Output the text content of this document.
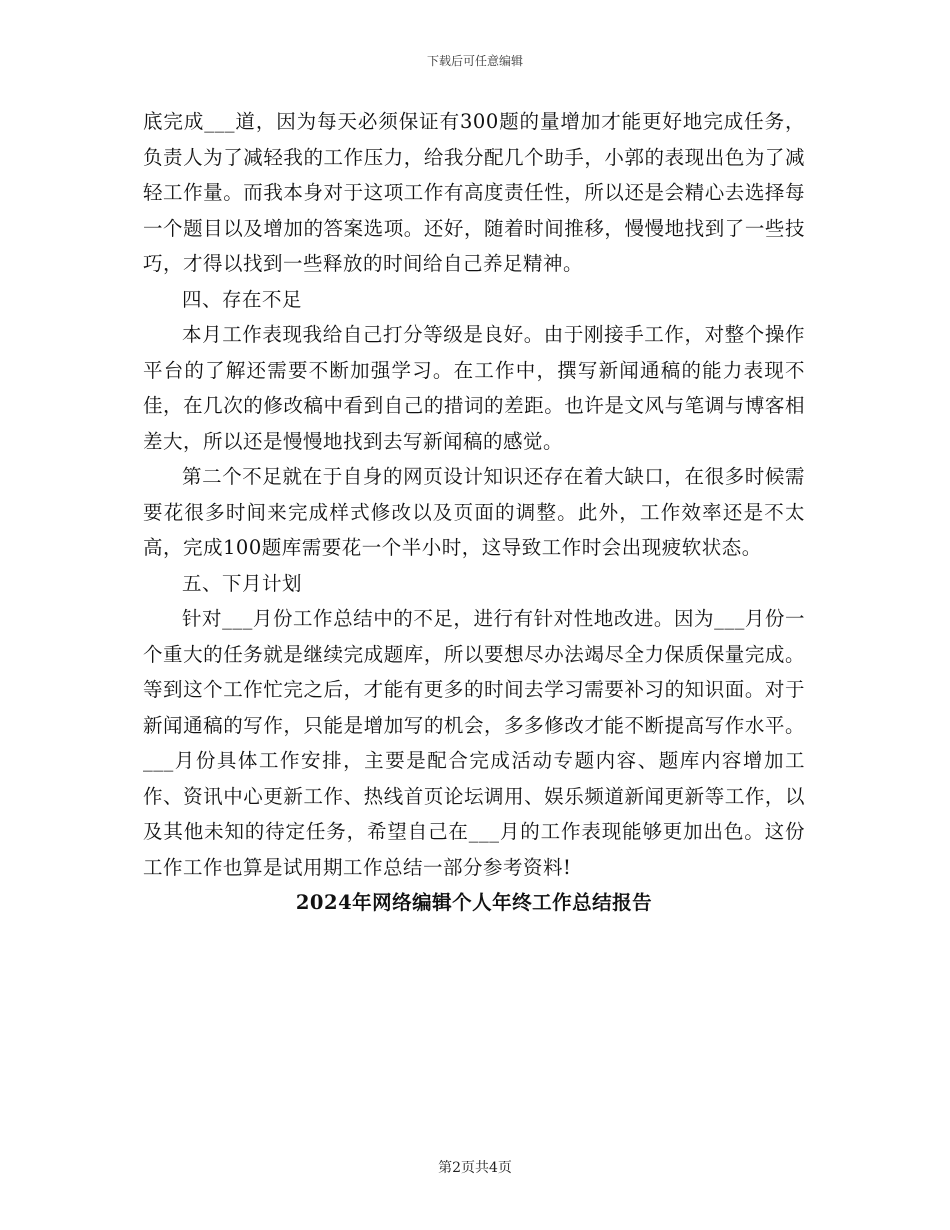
下载后可任意编辑

底完成___道，因为每天必须保证有300题的量增加才能更好地完成任务，负责人为了减轻我的工作压力，给我分配几个助手，小郭的表现出色为了减轻工作量。而我本身对于这项工作有高度责任性，所以还是会精心去选择每一个题目以及增加的答案选项。还好，随着时间推移，慢慢地找到了一些技巧，才得以找到一些释放的时间给自己养足精神。

四、存在不足

本月工作表现我给自己打分等级是良好。由于刚接手工作，对整个操作平台的了解还需要不断加强学习。在工作中，撰写新闻通稿的能力表现不佳，在几次的修改稿中看到自己的措词的差距。也许是文风与笔调与博客相差大，所以还是慢慢地找到去写新闻稿的感觉。

第二个不足就在于自身的网页设计知识还存在着大缺口，在很多时候需要花很多时间来完成样式修改以及页面的调整。此外，工作效率还是不太高，完成100题库需要花一个半小时，这导致工作时会出现疲软状态。

五、下月计划

针对___月份工作总结中的不足，进行有针对性地改进。因为___月份一个重大的任务就是继续完成题库，所以要想尽办法竭尽全力保质保量完成。等到这个工作忙完之后，才能有更多的时间去学习需要补习的知识面。对于新闻通稿的写作，只能是增加写的机会，多多修改才能不断提高写作水平。___月份具体工作安排，主要是配合完成活动专题内容、题库内容增加工作、资讯中心更新工作、热线首页论坛调用、娱乐频道新闻更新等工作，以及其他未知的待定任务，希望自己在___月的工作表现能够更加出色。这份工作工作也算是试用期工作总结一部分参考资料!

2024年网络编辑个人年终工作总结报告

第2页共4页
